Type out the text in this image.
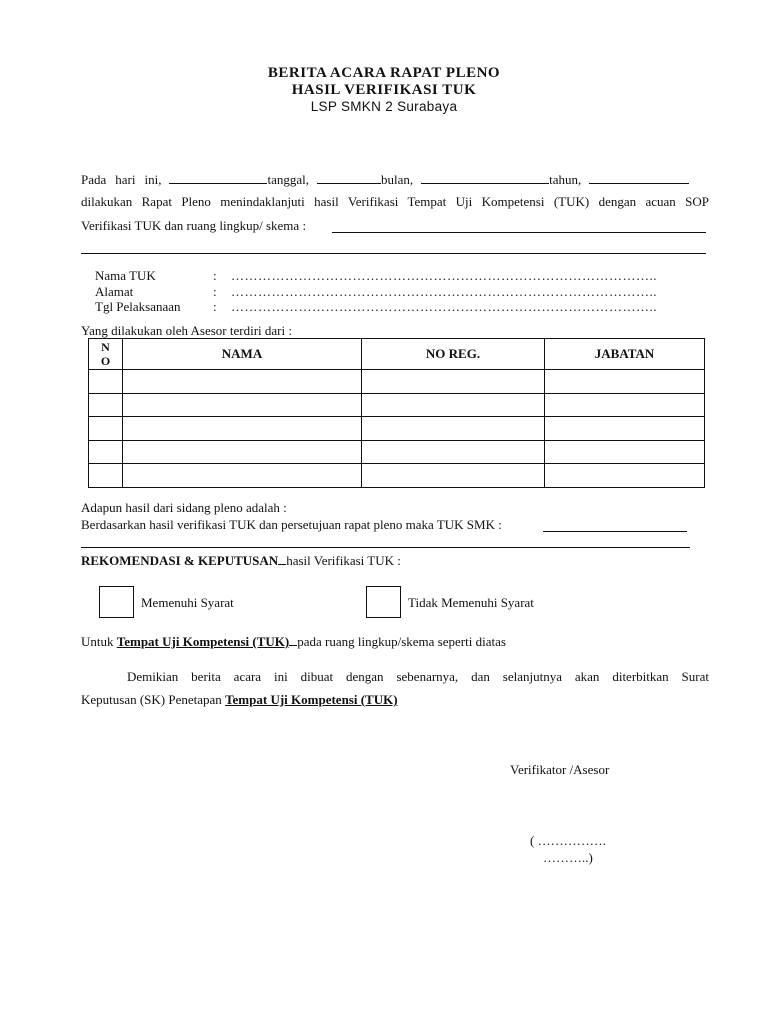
BERITA ACARA RAPAT PLENO
HASIL VERIFIKASI TUK
LSP SMKN 2 Surabaya
Pada hari ini,	tanggal,	bulan,	tahun,
dilakukan Rapat Pleno menindaklanjuti hasil Verifikasi Tempat Uji Kompetensi (TUK) dengan acuan SOP
Verifikasi TUK dan ruang lingkup/ skema :
Nama TUK	: …………………………………………………………………………………..
Alamat	: …………………………………………………………………………………..
Tgl Pelaksanaan : …………………………………………………………………………………..
Yang dilakukan oleh Asesor terdiri dari :
N
O	NAMA	NO REG.	JABATAN

Adapun hasil dari sidang pleno adalah :
Berdasarkan hasil verifikasi TUK dan persetujuan rapat pleno maka TUK SMK :
REKOMENDASI & KEPUTUSAN hasil Verifikasi TUK :
Memenuhi Syarat	Tidak Memenuhi Syarat
Untuk Tempat Uji Kompetensi (TUK) pada ruang lingkup/skema seperti diatas
Demikian berita acara ini dibuat dengan sebenarnya, dan selanjutnya akan diterbitkan Surat
Keputusan (SK) Penetapan Tempat Uji Kompetensi (TUK)
Verifikator /Asesor
( …………….
………..)
